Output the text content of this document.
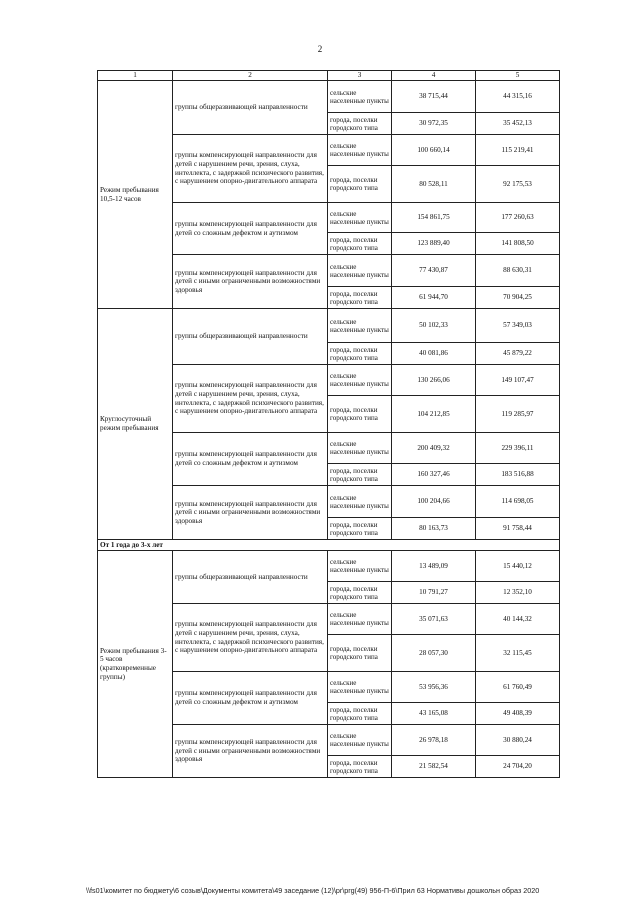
2
1	2	3	4	5
Режим пребывания 10,5-12 часов	группы общеразвивающей направленности	сельские населенные пункты	38 715,44	44 315,16
		города, поселки городского типа	30 972,35	35 452,13
	группы компенсирующей направленности для детей с нарушением речи, зрения, слуха, интеллекта, с задержкой психического развития, с нарушением опорно-двигательного аппарата	сельские населенные пункты	100 660,14	115 219,41
		города, поселки городского типа	80 528,11	92 175,53
	группы компенсирующей направленности для детей со сложным дефектом и аутизмом	сельские населенные пункты	154 861,75	177 260,63
		города, поселки городского типа	123 889,40	141 808,50
	группы компенсирующей направленности для детей с иными ограниченными возможностями здоровья	сельские населенные пункты	77 430,87	88 630,31
		города, поселки городского типа	61 944,70	70 904,25
Круглосуточный режим пребывания	группы общеразвивающей направленности	сельские населенные пункты	50 102,33	57 349,03
		города, поселки городского типа	40 081,86	45 879,22
	группы компенсирующей направленности для детей с нарушением речи, зрения, слуха, интеллекта, с задержкой психического развития, с нарушением опорно-двигательного аппарата	сельские населенные пункты	130 266,06	149 107,47
		города, поселки городского типа	104 212,85	119 285,97
	группы компенсирующей направленности для детей со сложным дефектом и аутизмом	сельские населенные пункты	200 409,32	229 396,11
		города, поселки городского типа	160 327,46	183 516,88
	группы компенсирующей направленности для детей с иными ограниченными возможностями здоровья	сельские населенные пункты	100 204,66	114 698,05
		города, поселки городского типа	80 163,73	91 758,44
От 1 года до 3-х лет				
Режим пребывания 3-5 часов (кратковременные группы)	группы общеразвивающей направленности	сельские населенные пункты	13 489,09	15 440,12
		города, поселки городского типа	10 791,27	12 352,10
	группы компенсирующей направленности для детей с нарушением речи, зрения, слуха, интеллекта, с задержкой психического развития, с нарушением опорно-двигательного аппарата	сельские населенные пункты	35 071,63	40 144,32
		города, поселки городского типа	28 057,30	32 115,45
	группы компенсирующей направленности для детей со сложным дефектом и аутизмом	сельские населенные пункты	53 956,36	61 760,49
		города, поселки городского типа	43 165,08	49 408,39
	группы компенсирующей направленности для детей с иными ограниченными возможностями здоровья	сельские населенные пункты	26 978,18	30 880,24
		города, поселки городского типа	21 582,54	24 704,20
\\fs01\комитет по бюджету\6 созыв\Документы комитета\49 заседание (12)\pr\prg(49) 956-П-6\Прил 63 Нормативы дошкольн образ 2020
